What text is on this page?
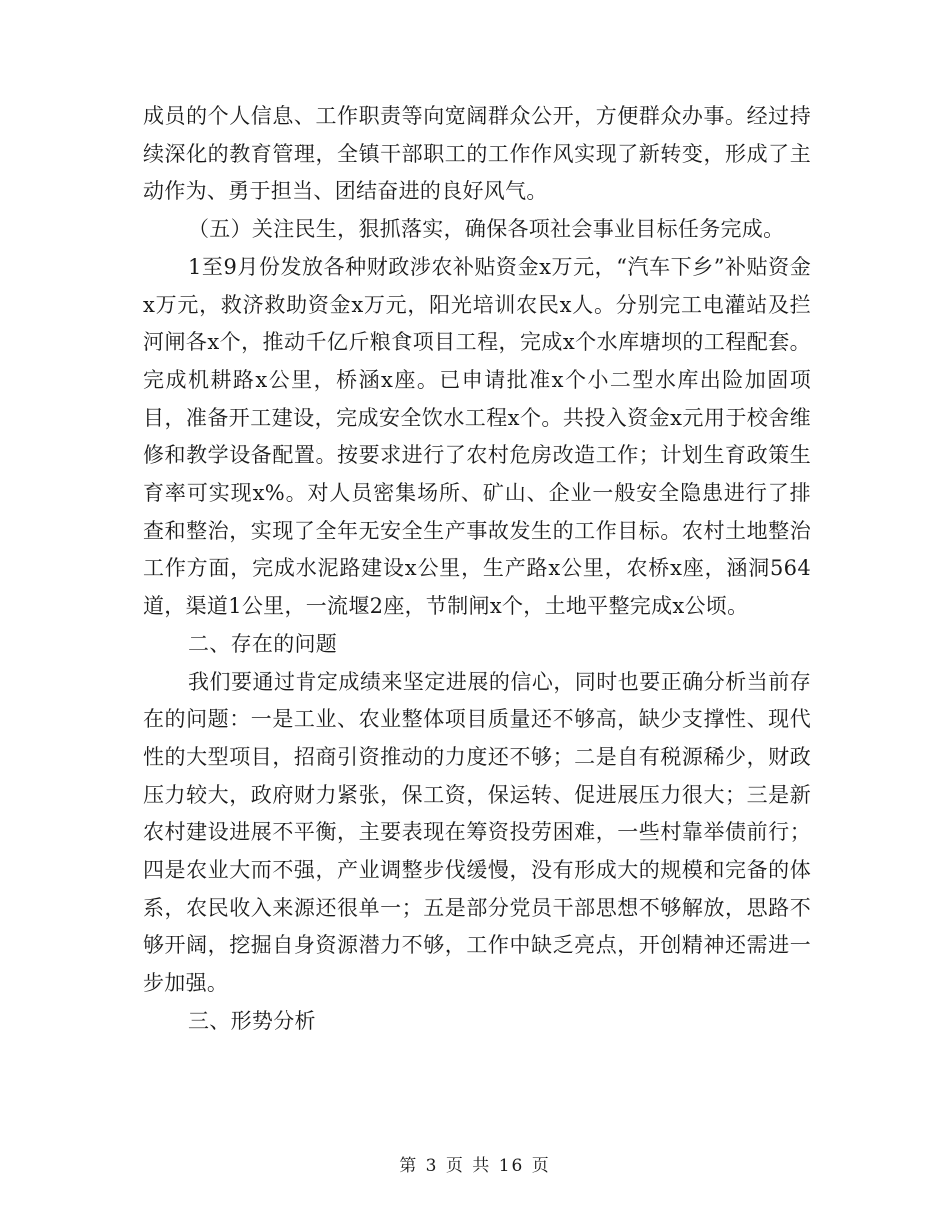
成员的个人信息、工作职责等向宽阔群众公开，方便群众办事。经过持续深化的教育管理，全镇干部职工的工作作风实现了新转变，形成了主动作为、勇于担当、团结奋进的良好风气。

（五）关注民生，狠抓落实，确保各项社会事业目标任务完成。

1至9月份发放各种财政涉农补贴资金x万元，“汽车下乡”补贴资金x万元，救济救助资金x万元，阳光培训农民x人。分别完工电灌站及拦河闸各x个，推动千亿斤粮食项目工程，完成x个水库塘坝的工程配套。完成机耕路x公里，桥涵x座。已申请批准x个小二型水库出险加固项目，准备开工建设，完成安全饮水工程x个。共投入资金x元用于校舍维修和教学设备配置。按要求进行了农村危房改造工作；计划生育政策生育率可实现x%。对人员密集场所、矿山、企业一般安全隐患进行了排查和整治，实现了全年无安全生产事故发生的工作目标。农村土地整治工作方面，完成水泥路建设x公里，生产路x公里，农桥x座，涵洞564道，渠道1公里，一流堰2座，节制闸x个，土地平整完成x公顷。

二、存在的问题

我们要通过肯定成绩来坚定进展的信心，同时也要正确分析当前存在的问题：一是工业、农业整体项目质量还不够高，缺少支撑性、现代性的大型项目，招商引资推动的力度还不够；二是自有税源稀少，财政压力较大，政府财力紧张，保工资，保运转、促进展压力很大；三是新农村建设进展不平衡，主要表现在筹资投劳困难，一些村靠举债前行；四是农业大而不强，产业调整步伐缓慢，没有形成大的规模和完备的体系，农民收入来源还很单一；五是部分党员干部思想不够解放，思路不够开阔，挖掘自身资源潜力不够，工作中缺乏亮点，开创精神还需进一步加强。

三、形势分析

第 3 页 共 16 页
